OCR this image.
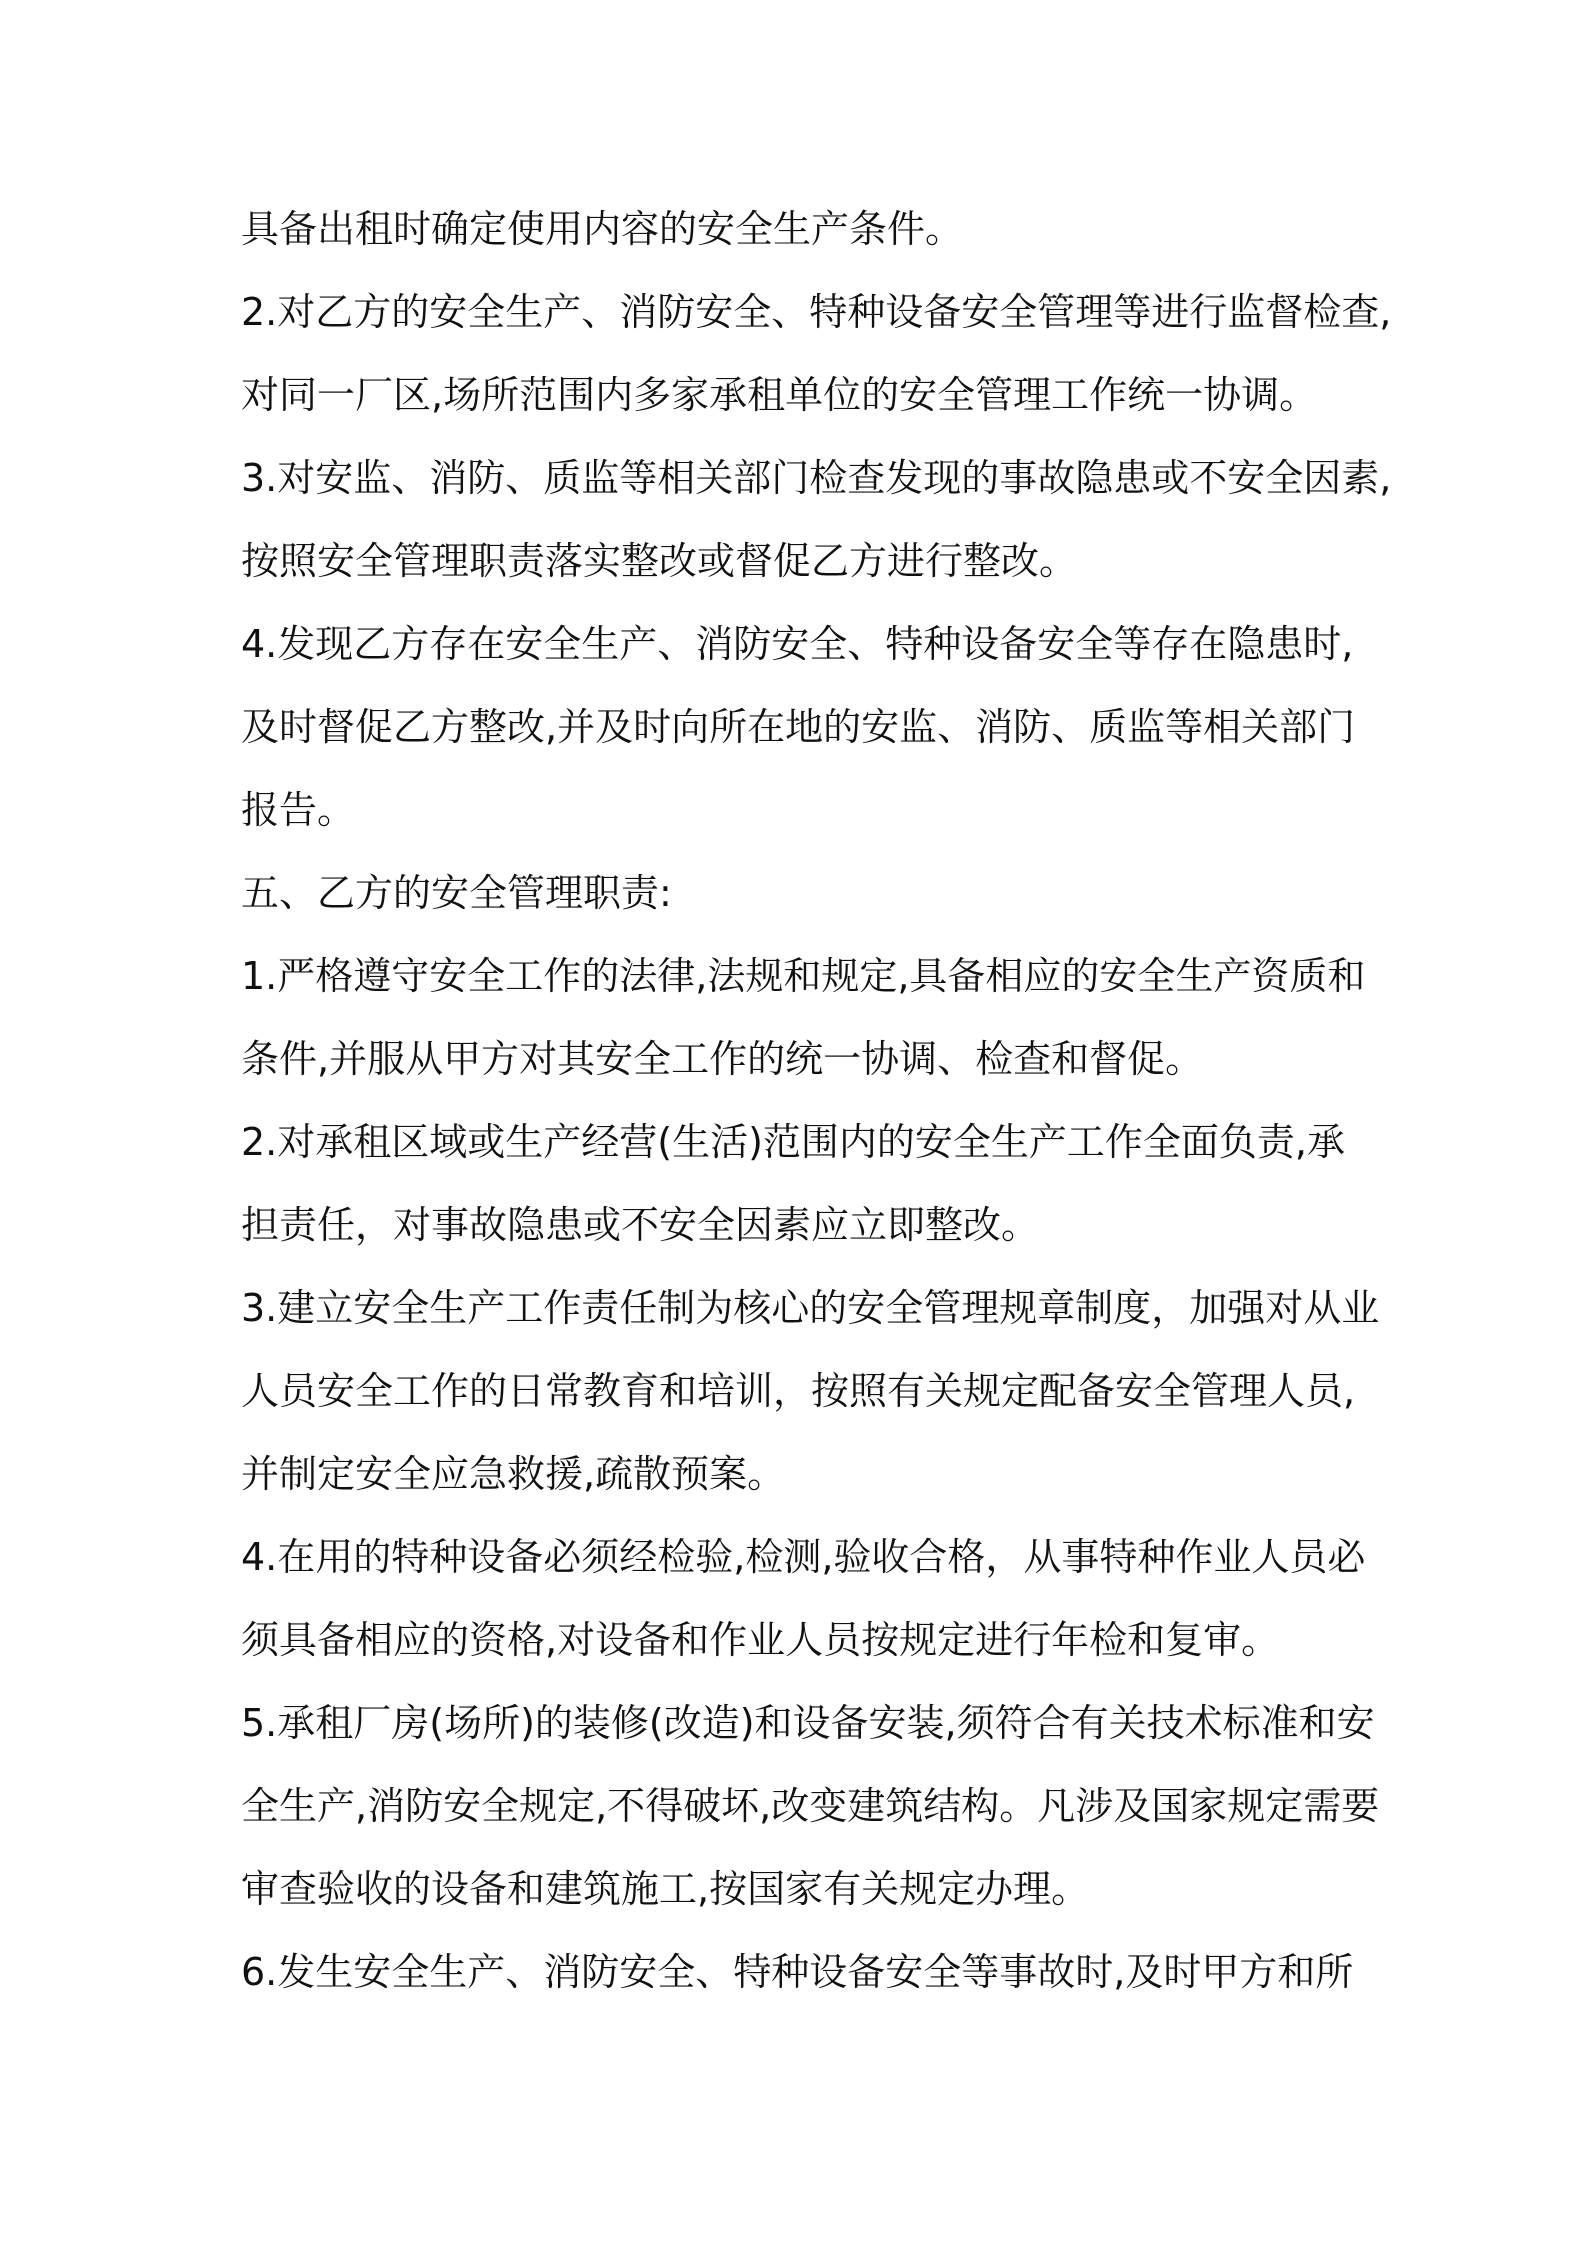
具备出租时确定使用内容的安全生产条件。
2.对乙方的安全生产、消防安全、特种设备安全管理等进行监督检查,
对同一厂区,场所范围内多家承租单位的安全管理工作统一协调。
3.对安监、消防、质监等相关部门检查发现的事故隐患或不安全因素,
按照安全管理职责落实整改或督促乙方进行整改。
4.发现乙方存在安全生产、消防安全、特种设备安全等存在隐患时,
及时督促乙方整改,并及时向所在地的安监、消防、质监等相关部门
报告。
五、乙方的安全管理职责:
1.严格遵守安全工作的法律,法规和规定,具备相应的安全生产资质和
条件,并服从甲方对其安全工作的统一协调、检查和督促。
2.对承租区域或生产经营(生活)范围内的安全生产工作全面负责,承
担责任，对事故隐患或不安全因素应立即整改。
3.建立安全生产工作责任制为核心的安全管理规章制度，加强对从业
人员安全工作的日常教育和培训，按照有关规定配备安全管理人员,
并制定安全应急救援,疏散预案。
4.在用的特种设备必须经检验,检测,验收合格，从事特种作业人员必
须具备相应的资格,对设备和作业人员按规定进行年检和复审。
5.承租厂房(场所)的装修(改造)和设备安装,须符合有关技术标准和安
全生产,消防安全规定,不得破坏,改变建筑结构。凡涉及国家规定需要
审查验收的设备和建筑施工,按国家有关规定办理。
6.发生安全生产、消防安全、特种设备安全等事故时,及时甲方和所
